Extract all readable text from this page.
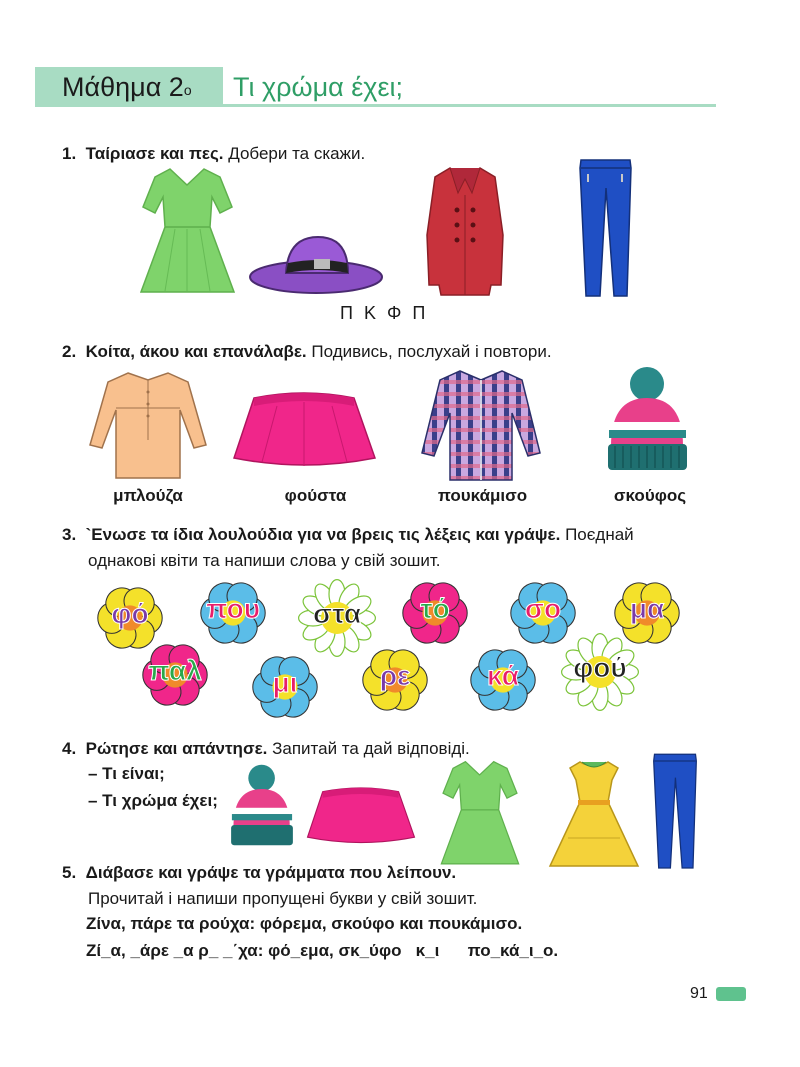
Μάθημα $2^o$ Τι χρώμα έχει;
1. Ταίριασε και πες. Добери та скажи.
Π Κ Φ Π
2. Κοίτα, άκου και επανάλαβε. Подивись, послухай і повтори.
μπλούζα	φούστα	πουκάμισο	σκούφος
3. `Ενωσε τα ίδια λουλούδια για να βρεις τις λέξεις και γράψε. Поєднай
однакові квіти та напиши слова у свій зошит.
φό	που	στα	τό	σο	μα
παλ	μι	ρε	κά	φού
4. Ρώτησε και απάντησε. Запитай та дай відповіді.
– Τι είναι;
– Τι χρώμα έχει;
5. Διάβασε και γράψε τα γράμματα που λείπουν.
Прочитай і напиши пропущені букви у свій зошит.
Ζίνα, πάρε τα ρούχα: φόρεμα, σκούφο και πουκάμισο.
Ζί_α, _άρε _α ρ_ _΄χα: φό_εμα, σκ_ύφο   κ_ι      πο_κά_ι_ο.
91
